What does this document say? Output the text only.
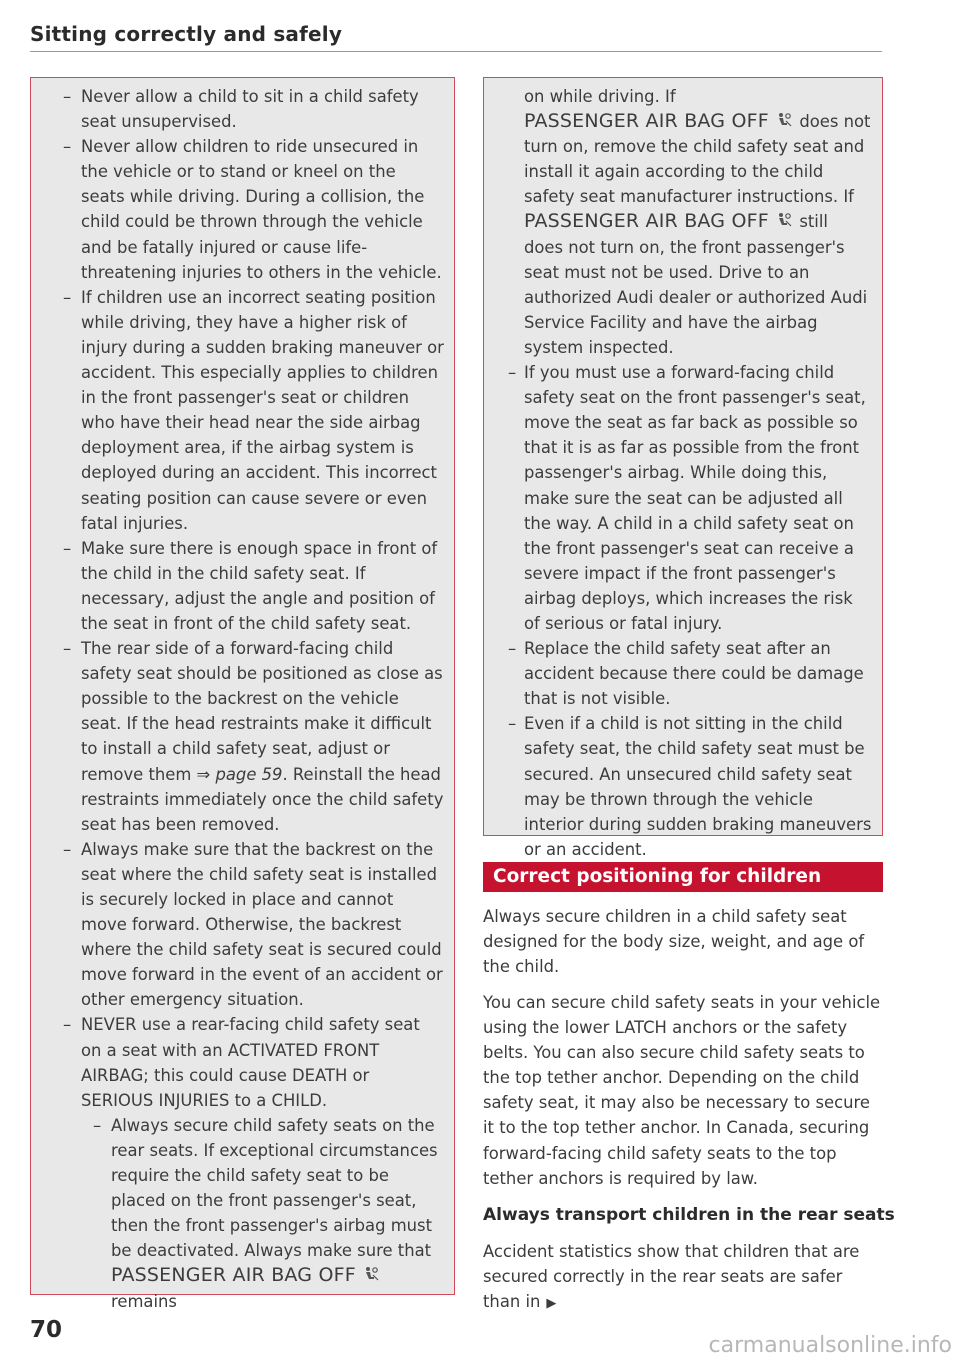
Sitting correctly and safely
– Never allow a child to sit in a child safety seat unsupervised.
– Never allow children to ride unsecured in the vehicle or to stand or kneel on the seats while driving. During a collision, the child could be thrown through the vehicle and be fatally injured or cause life-threatening injuries to others in the vehicle.
– If children use an incorrect seating position while driving, they have a higher risk of injury during a sudden braking maneuver or accident. This especially applies to children in the front passenger's seat or children who have their head near the side airbag deployment area, if the airbag system is deployed during an accident. This incorrect seating position can cause severe or even fatal injuries.
– Make sure there is enough space in front of the child in the child safety seat. If necessary, adjust the angle and position of the seat in front of the child safety seat.
– The rear side of a forward-facing child safety seat should be positioned as close as possible to the backrest on the vehicle seat. If the head restraints make it difficult to install a child safety seat, adjust or remove them ⇒ page 59. Reinstall the head restraints immediately once the child safety seat has been removed.
– Always make sure that the backrest on the seat where the child safety seat is installed is securely locked in place and cannot move forward. Otherwise, the backrest where the child safety seat is secured could move forward in the event of an accident or other emergency situation.
– NEVER use a rear-facing child safety seat on a seat with an ACTIVATED FRONT AIRBAG; this could cause DEATH or SERIOUS INJURIES to a CHILD.
– Always secure child safety seats on the rear seats. If exceptional circumstances require the child safety seat to be placed on the front passenger's seat, then the front passenger's airbag must be deactivated. Always make sure that
PASSENGER AIR BAG OFF  remains
on while driving. If
PASSENGER AIR BAG OFF does not turn on, remove the child safety seat and install it again according to the child safety seat manufacturer instructions. If
PASSENGER AIR BAG OFF still does not turn on, the front passenger's seat must not be used. Drive to an authorized Audi dealer or authorized Audi Service Facility and have the airbag system inspected.
– If you must use a forward-facing child safety seat on the front passenger's seat, move the seat as far back as possible so that it is as far as possible from the front passenger's airbag. While doing this, make sure the seat can be adjusted all the way. A child in a child safety seat on the front passenger's seat can receive a severe impact if the front passenger's airbag deploys, which increases the risk of serious or fatal injury.
– Replace the child safety seat after an accident because there could be damage that is not visible.
– Even if a child is not sitting in the child safety seat, the child safety seat must be secured. An unsecured child safety seat may be thrown through the vehicle interior during sudden braking maneuvers or an accident.
Correct positioning for children

Always secure children in a child safety seat designed for the body size, weight, and age of the child.

You can secure child safety seats in your vehicle using the lower LATCH anchors or the safety belts. You can also secure child safety seats to the top tether anchor. Depending on the child safety seat, it may also be necessary to secure it to the top tether anchor. In Canada, securing forward-facing child safety seats to the top tether anchors is required by law.

Always transport children in the rear seats

Accident statistics show that children that are secured correctly in the rear seats are safer than in ▶

70
carmanualsonline.info
